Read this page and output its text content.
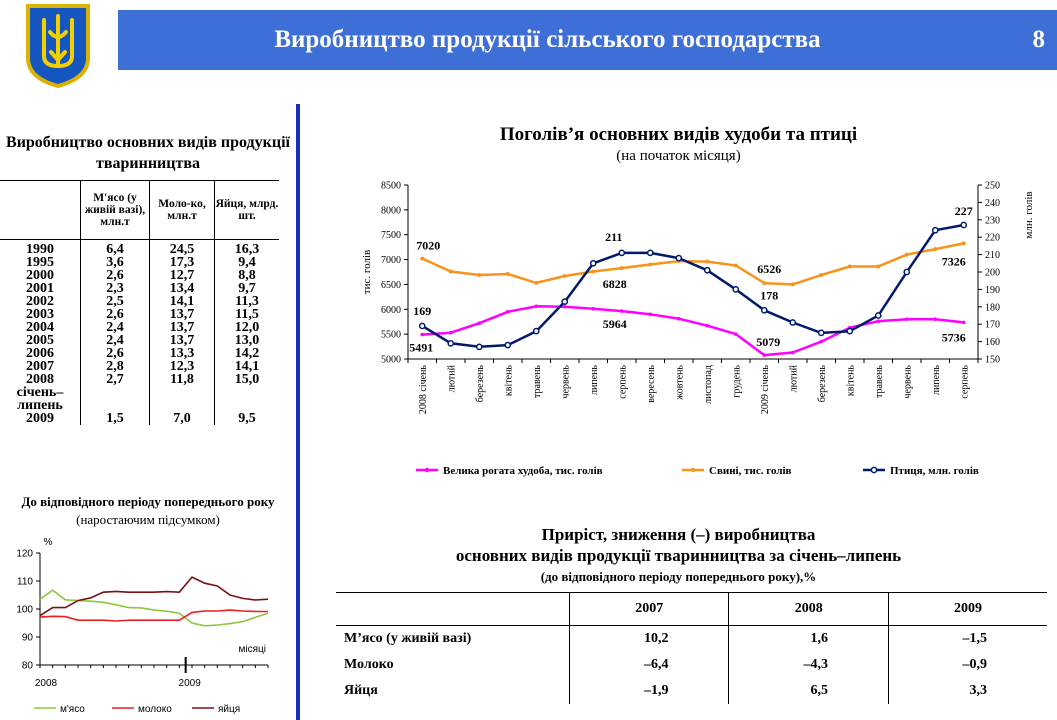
Виробництво продукції сільського господарства	8
Виробництво основних видів продукції тваринництва
	М'ясо (у живій вазі), млн.т	Моло-ко, млн.т	Яйця, млрд. шт.

1990	6,4	24,5	16,3
1995	3,6	17,3	9,4
2000	2,6	12,7	8,8
2001	2,3	13,4	9,7
2002	2,5	14,1	11,3
2003	2,6	13,7	11,5
2004	2,4	13,7	12,0
2005	2,4	13,7	13,0
2006	2,6	13,3	14,2
2007	2,8	12,3	14,1
2008	2,7	11,8	15,0
січень–			
липень			
2009	1,5	7,0	9,5
До відповідного періоду попереднього року
(наростаючим підсумком)
80
90
100
110
120
2008	2009
%
місяці
м'ясо	молоко	яйця
Поголів’я основних видів худоби та птиці
(на початок місяця)
5000
5500
6000
6500
7000
7500
8000
8500
150
160
170
180
190
200
210
220
230
240
250
2008 січень лютий березень квітень травень червень липень серпень вересень жовтень листопад грудень 2009 січень лютий березень квітень травень червень липень серпень
тис. голів
млн. голів
7020
5491
169
211
6828
5964
6526
178
5079
227
7326
5736
Велика рогата худоба, тис. голів	Свині, тис. голів	Птиця, млн. голів
Приріст, зниження (–) виробництва
основних видів продукції тваринництва за січень–липень
(до відповідного періоду попереднього року),%
	2007	2008	2009
М’ясо (у живій вазі)	10,2	1,6	–1,5
Молоко	–6,4	–4,3	–0,9
Яйця	–1,9	6,5	3,3
